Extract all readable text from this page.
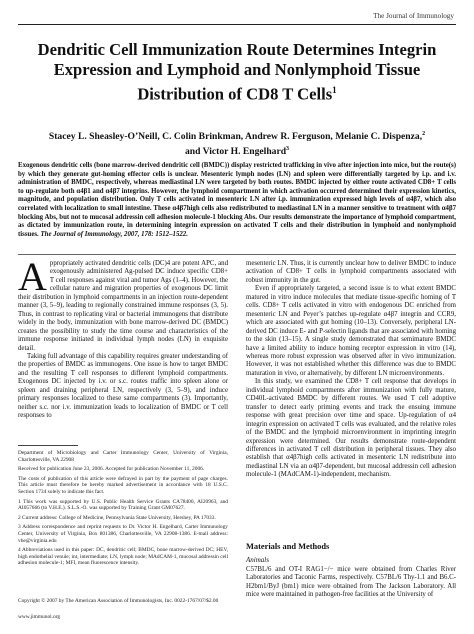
The Journal of Immunology
Dendritic Cell Immunization Route Determines Integrin Expression and Lymphoid and Nonlymphoid Tissue Distribution of CD8 T Cells$^1$
Stacey L. Sheasley-O’Neill, C. Colin Brinkman, Andrew R. Ferguson, Melanie C. Dispenza,$^2$
and Victor H. Engelhard$^3$

Exogenous dendritic cells (bone marrow-derived dendritic cell (BMDC)) display restricted trafficking in vivo after injection into mice, but the route(s) by which they generate gut-homing effector cells is unclear. Mesenteric lymph nodes (LN) and spleen were differentially targeted by i.p. and i.v. administration of BMDC, respectively, whereas mediastinal LN were targeted by both routes. BMDC injected by either route activated CD8+ T cells to up-regulate both α4β1 and α4β7 integrins. However, the lymphoid compartment in which activation occurred determined their expression kinetics, magnitude, and population distribution. Only T cells activated in mesenteric LN after i.p. immunization expressed high levels of α4β7, which also correlated with localization to small intestine. These α4β7high cells also redistributed to mediastinal LN in a manner sensitive to treatment with α4β7 blocking Abs, but not to mucosal addressin cell adhesion molecule-1 blocking Abs. Our results demonstrate the importance of lymphoid compartment, as dictated by immunization route, in determining integrin expression on activated T cells and their distribution in lymphoid and nonlymphoid tissues. The Journal of Immunology, 2007, 178: 1512–1522.

Appropriately activated dendritic cells (DC)4 are potent APC, and exogenously administered Ag-pulsed DC induce specific CD8+ T cell responses against viral and tumor Ags (1–4). However, the cellular nature and migration properties of exogenous DC limit their distribution in lymphoid compartments in an injection route-dependent manner (3, 5–9), leading to regionally constrained immune responses (3, 5). Thus, in contrast to replicating viral or bacterial immunogens that distribute widely in the body, immunization with bone marrow-derived DC (BMDC) creates the possibility to study the time course and characteristics of the immune response initiated in individual lymph nodes (LN) in exquisite detail.

Taking full advantage of this capability requires greater understanding of the properties of BMDC as immunogens. One issue is how to target BMDC and the resulting T cell responses to different lymphoid compartments. Exogenous DC injected by i.v. or s.c. routes traffic into spleen alone or spleen and draining peripheral LN, respectively (3, 5–9), and induce primary responses localized to these same compartments (3). Importantly, neither s.c. nor i.v. immunization leads to localization of BMDC or T cell responses to

Department of Microbiology and Carter Immunology Center, University of Virginia, Charlottesville, VA 22908

Received for publication June 23, 2006. Accepted for publication November 11, 2006.

The costs of publication of this article were defrayed in part by the payment of page charges. This article must therefore be hereby marked advertisement in accordance with 18 U.S.C. Section 1734 solely to indicate this fact.

1 This work was supported by U.S. Public Health Service Grants CA78400, AI20963, and AI057666 (to V.H.E.). S.L.S.-O. was supported by Training Grant GM07627.

2 Current address: College of Medicine, Pennsylvania State University, Hershey, PA 17033.

3 Address correspondence and reprint requests to Dr. Victor H. Engelhard, Carter Immunology Center, University of Virginia, Box 801386, Charlottesville, VA 22908-1386. E-mail address: vhe@virginia.edu

4 Abbreviations used in this paper: DC, dendritic cell; BMDC, bone marrow-derived DC; HEV, high endothelial venule; int, intermediate; LN, lymph node; MAdCAM-1, mucosal addressin cell adhesion molecule-1; MFI, mean fluorescence intensity.

Copyright © 2007 by The American Association of Immunologists, Inc. 0022-1767/07/$2.00
www.jimmunol.org

mesenteric LN. Thus, it is currently unclear how to deliver BMDC to induce activation of CD8+ T cells in lymphoid compartments associated with robust immunity in the gut.

Even if appropriately targeted, a second issue is to what extent BMDC matured in vitro induce molecules that mediate tissue-specific homing of T cells. CD8+ T cells activated in vitro with endogenous DC enriched from mesenteric LN and Peyer’s patches up-regulate α4β7 integrin and CCR9, which are associated with gut homing (10–13). Conversely, peripheral LN-derived DC induce E- and P-selectin ligands that are associated with homing to the skin (13–15). A single study demonstrated that semimature BMDC have a limited ability to induce homing receptor expression in vitro (14), whereas more robust expression was observed after in vivo immunization. However, it was not established whether this difference was due to BMDC maturation in vivo, or alternatively, by different LN microenvironments.

In this study, we examined the CD8+ T cell response that develops in individual lymphoid compartments after immunization with fully mature, CD40L-activated BMDC by different routes. We used T cell adoptive transfer to detect early priming events and track the ensuing immune response with great precision over time and space. Up-regulation of α4 integrin expression on activated T cells was evaluated, and the relative roles of the BMDC and the lymphoid microenvironment in imprinting integrin expression were determined. Our results demonstrate route-dependent differences in activated T cell distribution in peripheral tissues. They also establish that α4β7high cells activated in mesenteric LN redistribute into mediastinal LN via an α4β7-dependent, but mucosal addressin cell adhesion molecule-1 (MAdCAM-1)-independent, mechanism.

Materials and Methods
Animals

C57BL/6 and OT-I RAG1−/− mice were obtained from Charles River Laboratories and Taconic Farms, respectively. C57BL/6 Thy-1.1 and B6.C-H2bm1/ByJ (bm1) mice were obtained from The Jackson Laboratory. All mice were maintained in pathogen-free facilities at the University of
